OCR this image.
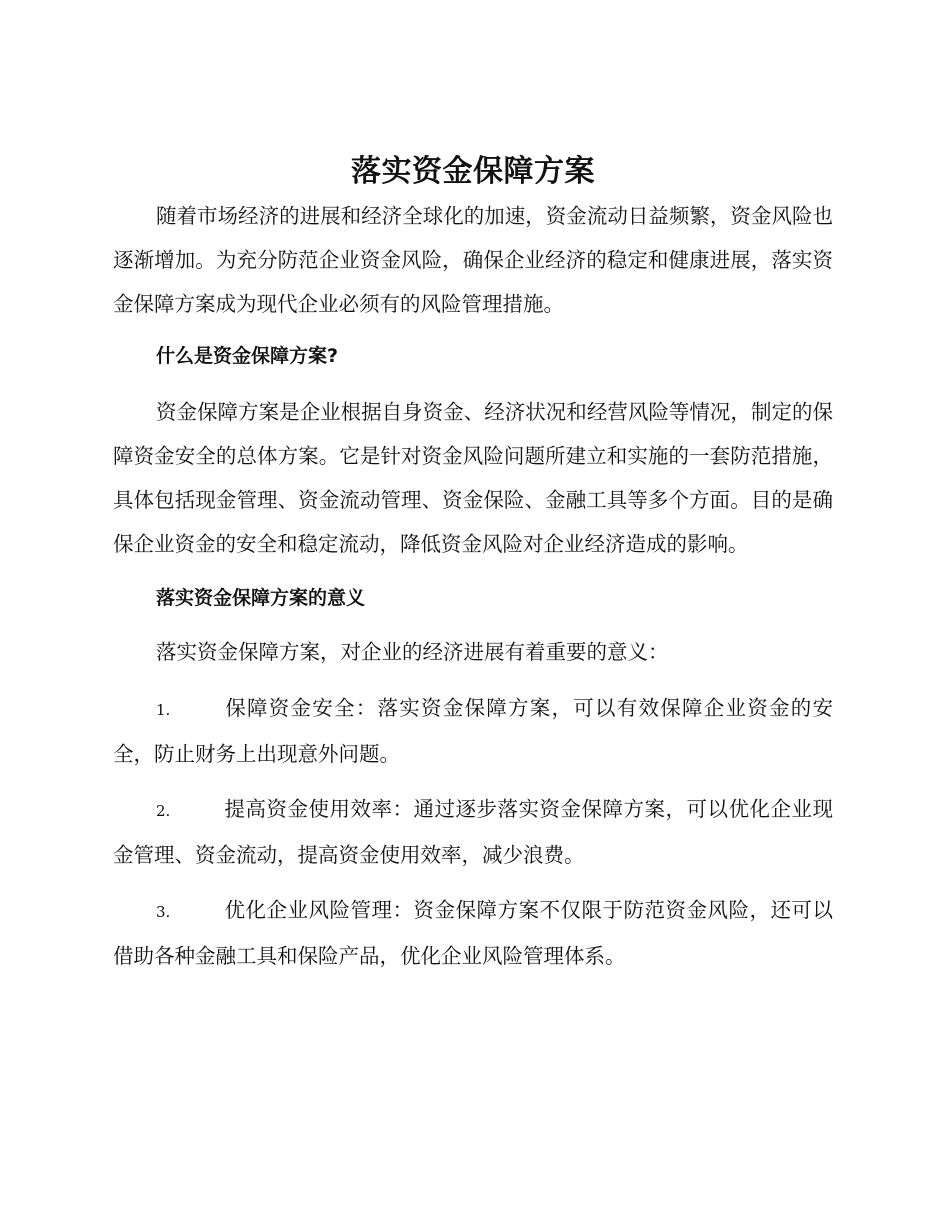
落实资金保障方案

随着市场经济的进展和经济全球化的加速，资金流动日益频繁，资金风险也逐渐增加。为充分防范企业资金风险，确保企业经济的稳定和健康进展，落实资金保障方案成为现代企业必须有的风险管理措施。

什么是资金保障方案?

资金保障方案是企业根据自身资金、经济状况和经营风险等情况，制定的保障资金安全的总体方案。它是针对资金风险问题所建立和实施的一套防范措施，具体包括现金管理、资金流动管理、资金保险、金融工具等多个方面。目的是确保企业资金的安全和稳定流动，降低资金风险对企业经济造成的影响。

落实资金保障方案的意义

落实资金保障方案，对企业的经济进展有着重要的意义：

1.	保障资金安全：落实资金保障方案，可以有效保障企业资金的安全，防止财务上出现意外问题。
2.	提高资金使用效率：通过逐步落实资金保障方案，可以优化企业现金管理、资金流动，提高资金使用效率，减少浪费。
3.	优化企业风险管理：资金保障方案不仅限于防范资金风险，还可以借助各种金融工具和保险产品，优化企业风险管理体系。
